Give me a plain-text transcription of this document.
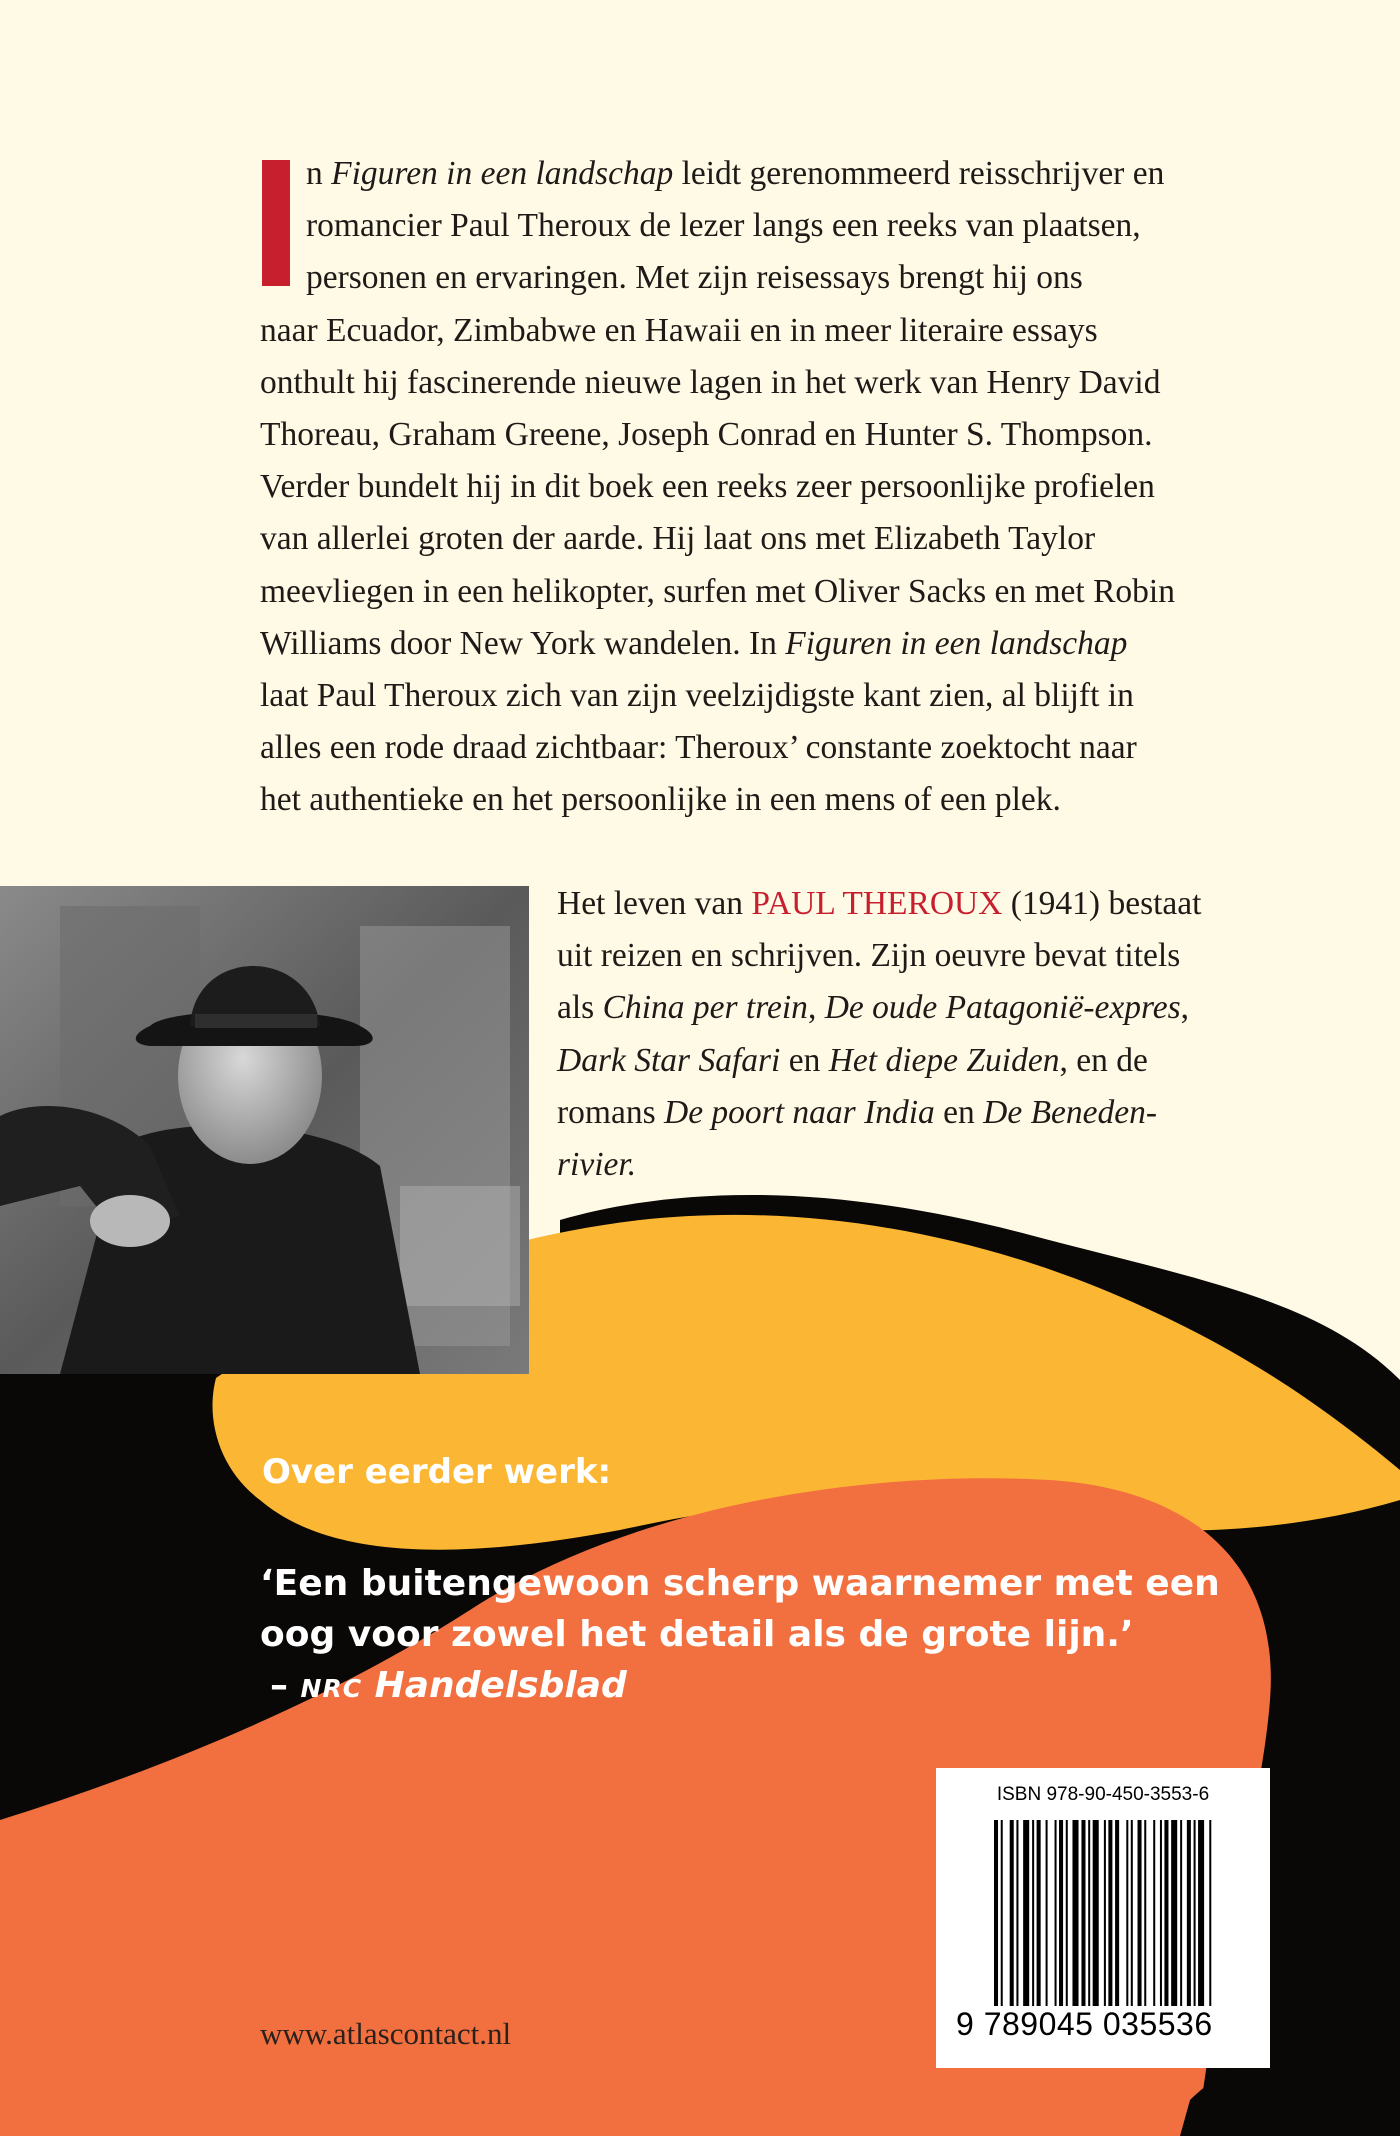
n Figuren in een landschap leidt gerenommeerd reisschrijver en
romancier Paul Theroux de lezer langs een reeks van plaatsen,
personen en ervaringen. Met zijn reisessays brengt hij ons
naar Ecuador, Zimbabwe en Hawaii en in meer literaire essays
onthult hij fascinerende nieuwe lagen in het werk van Henry David
Thoreau, Graham Greene, Joseph Conrad en Hunter S. Thompson.
Verder bundelt hij in dit boek een reeks zeer persoonlijke profielen
van allerlei groten der aarde. Hij laat ons met Elizabeth Taylor
meevliegen in een helikopter, surfen met Oliver Sacks en met Robin
Williams door New York wandelen. In Figuren in een landschap
laat Paul Theroux zich van zijn veelzijdigste kant zien, al blijft in
alles een rode draad zichtbaar: Theroux’ constante zoektocht naar
het authentieke en het persoonlijke in een mens of een plek.
Het leven van PAUL THEROUX (1941) bestaat
uit reizen en schrijven. Zijn oeuvre bevat titels
als China per trein, De oude Patagonië-expres,
Dark Star Safari en Het diepe Zuiden, en de
romans De poort naar India en De Beneden-
rivier.
Over eerder werk:
‘Een buitengewoon scherp waarnemer met een
oog voor zowel het detail als de grote lijn.’
– NRC Handelsblad
www.atlascontact.nl
ISBN 978-90-450-3553-6
9 789045 035536
